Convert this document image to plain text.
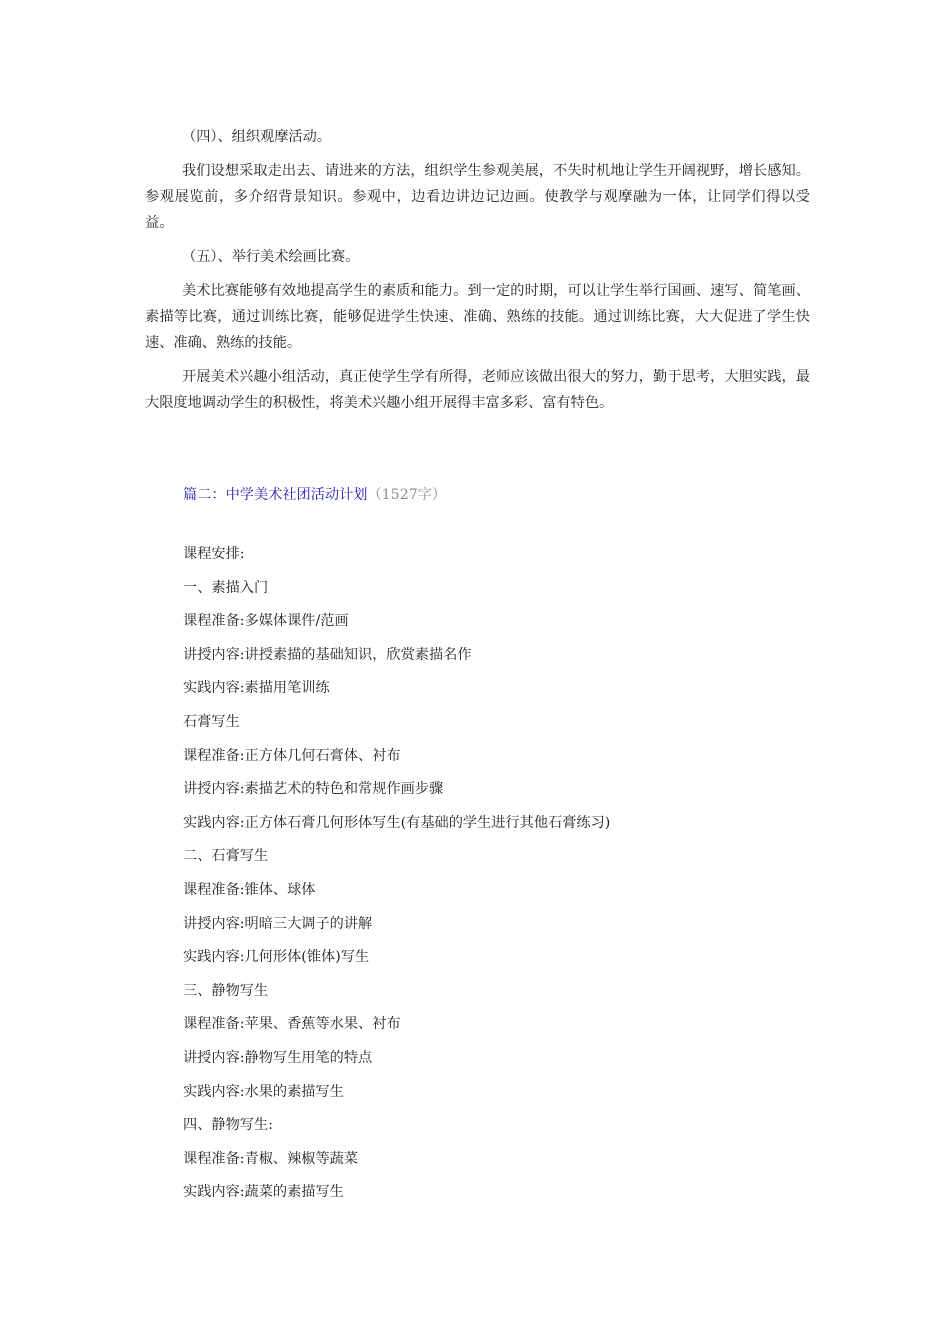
（四）、组织观摩活动。

我们设想采取走出去、请进来的方法，组织学生参观美展，不失时机地让学生开阔视野，增长感知。参观展览前，多介绍背景知识。参观中，边看边讲边记边画。使教学与观摩融为一体，让同学们得以受益。

（五）、举行美术绘画比赛。

美术比赛能够有效地提高学生的素质和能力。到一定的时期，可以让学生举行国画、速写、简笔画、素描等比赛，通过训练比赛，能够促进学生快速、准确、熟练的技能。通过训练比赛，大大促进了学生快速、准确、熟练的技能。

开展美术兴趣小组活动，真正使学生学有所得，老师应该做出很大的努力，勤于思考，大胆实践，最大限度地调动学生的积极性，将美术兴趣小组开展得丰富多彩、富有特色。

篇二：中学美术社团活动计划（1527字）
课程安排:
一、素描入门
课程准备:多媒体课件/范画
讲授内容:讲授素描的基础知识，欣赏素描名作
实践内容:素描用笔训练
石膏写生
课程准备:正方体几何石膏体、衬布
讲授内容:素描艺术的特色和常规作画步骤
实践内容:正方体石膏几何形体写生(有基础的学生进行其他石膏练习)
二、石膏写生
课程准备:锥体、球体
讲授内容:明暗三大调子的讲解
实践内容:几何形体(锥体)写生
三、静物写生
课程准备:苹果、香蕉等水果、衬布
讲授内容:静物写生用笔的特点
实践内容:水果的素描写生
四、静物写生:
课程准备:青椒、辣椒等蔬菜
实践内容:蔬菜的素描写生
